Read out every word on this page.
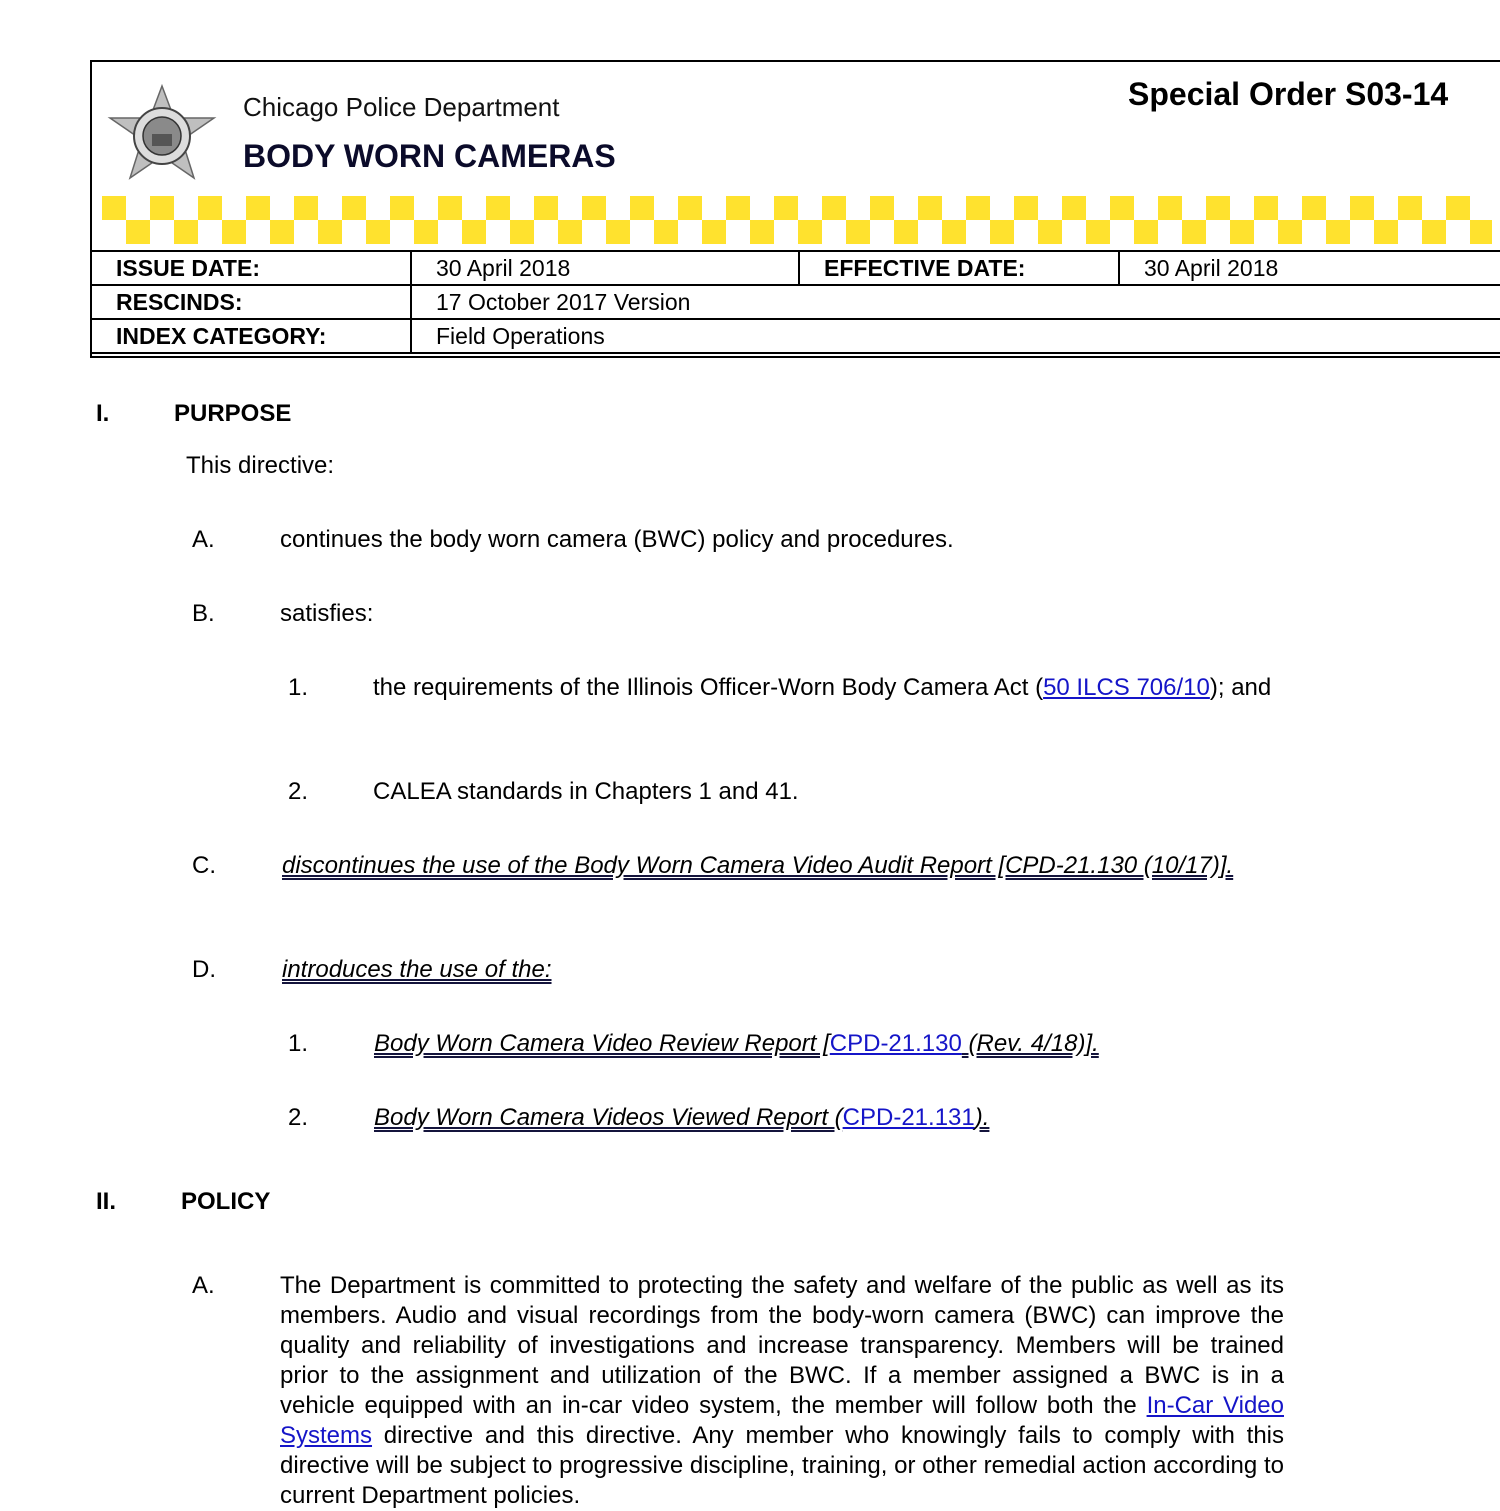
Chicago Police Department
BODY WORN CAMERAS
Special Order S03-14
ISSUE DATE:	30 April 2018	EFFECTIVE DATE:	30 April 2018
RESCINDS:	17 October 2017 Version		
INDEX CATEGORY:	Field Operations		
I.	PURPOSE
This directive:
A.	continues the body worn camera (BWC) policy and procedures.
B.	satisfies:
1.	the requirements of the Illinois Officer-Worn Body Camera Act (50 ILCS 706/10); and
2.	CALEA standards in Chapters 1 and 41.
C.	discontinues the use of the Body Worn Camera Video Audit Report [CPD-21.130 (10/17)].
D.	introduces the use of the:
1.	Body Worn Camera Video Review Report [CPD-21.130 (Rev. 4/18)].
2.	Body Worn Camera Videos Viewed Report (CPD-21.131).
II.	POLICY
A.	The Department is committed to protecting the safety and welfare of the public as well as its members. Audio and visual recordings from the body-worn camera (BWC) can improve the quality and reliability of investigations and increase transparency. Members will be trained prior to the assignment and utilization of the BWC. If a member assigned a BWC is in a vehicle equipped with an in-car video system, the member will follow both the In-Car Video Systems directive and this directive. Any member who knowingly fails to comply with this directive will be subject to progressive discipline, training, or other remedial action according to current Department policies.
